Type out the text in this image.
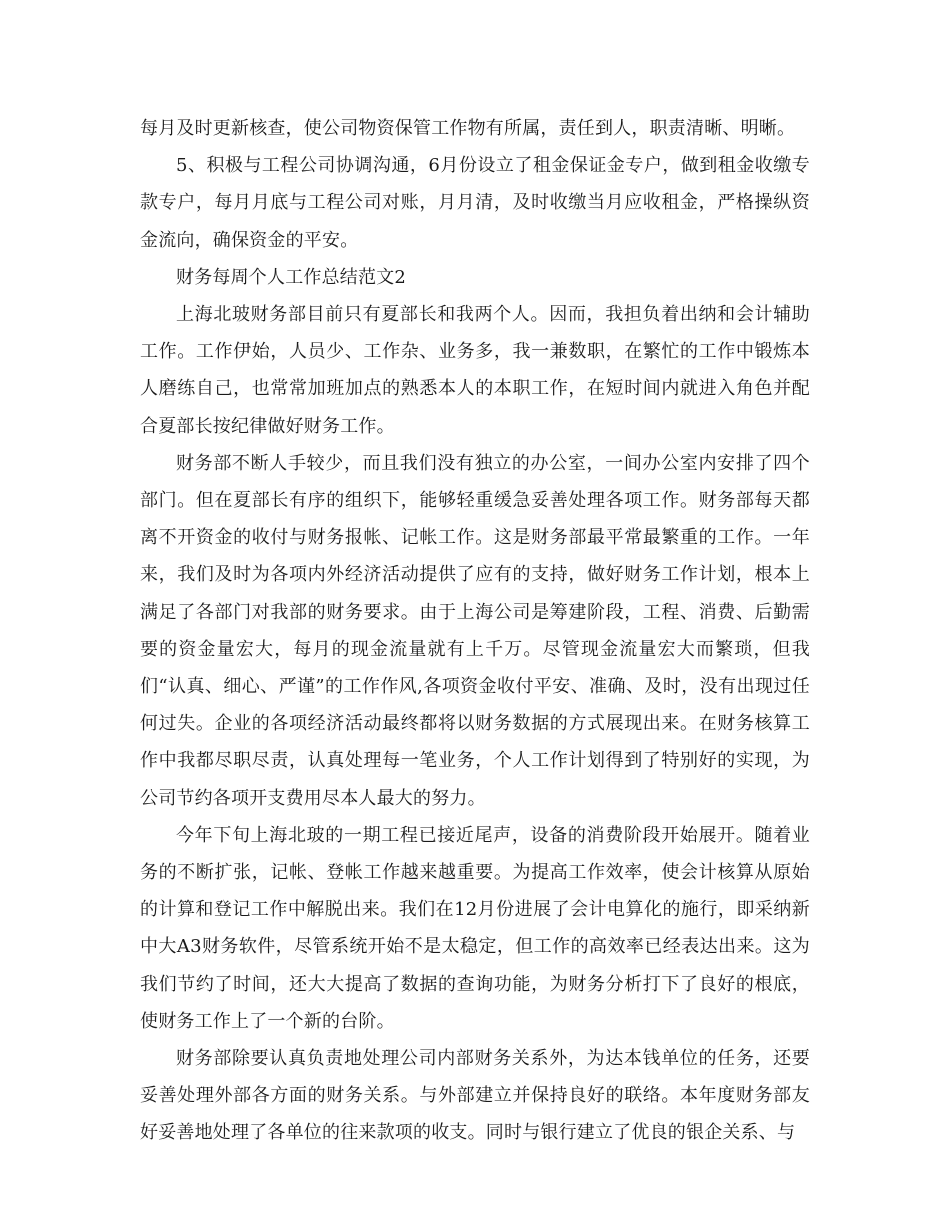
每月及时更新核查，使公司物资保管工作物有所属，责任到人，职责清晰、明晰。

5、积极与工程公司协调沟通，6月份设立了租金保证金专户，做到租金收缴专款专户，每月月底与工程公司对账，月月清，及时收缴当月应收租金，严格操纵资金流向，确保资金的平安。

财务每周个人工作总结范文2

上海北玻财务部目前只有夏部长和我两个人。因而，我担负着出纳和会计辅助工作。工作伊始，人员少、工作杂、业务多，我一兼数职，在繁忙的工作中锻炼本人磨练自己，也常常加班加点的熟悉本人的本职工作，在短时间内就进入角色并配合夏部长按纪律做好财务工作。

财务部不断人手较少，而且我们没有独立的办公室，一间办公室内安排了四个部门。但在夏部长有序的组织下，能够轻重缓急妥善处理各项工作。财务部每天都离不开资金的收付与财务报帐、记帐工作。这是财务部最平常最繁重的工作。一年来，我们及时为各项内外经济活动提供了应有的支持，做好财务工作计划，根本上满足了各部门对我部的财务要求。由于上海公司是筹建阶段，工程、消费、后勤需要的资金量宏大，每月的现金流量就有上千万。尽管现金流量宏大而繁琐，但我们“认真、细心、严谨”的工作作风,各项资金收付平安、准确、及时，没有出现过任何过失。企业的各项经济活动最终都将以财务数据的方式展现出来。在财务核算工作中我都尽职尽责，认真处理每一笔业务，个人工作计划得到了特别好的实现，为公司节约各项开支费用尽本人最大的努力。

今年下旬上海北玻的一期工程已接近尾声，设备的消费阶段开始展开。随着业务的不断扩张，记帐、登帐工作越来越重要。为提高工作效率，使会计核算从原始的计算和登记工作中解脱出来。我们在12月份进展了会计电算化的施行，即采纳新中大A3财务软件，尽管系统开始不是太稳定，但工作的高效率已经表达出来。这为我们节约了时间，还大大提高了数据的查询功能，为财务分析打下了良好的根底，使财务工作上了一个新的台阶。

财务部除要认真负责地处理公司内部财务关系外，为达本钱单位的任务，还要妥善处理外部各方面的财务关系。与外部建立并保持良好的联络。本年度财务部友好妥善地处理了各单位的往来款项的收支。同时与银行建立了优良的银企关系、与
